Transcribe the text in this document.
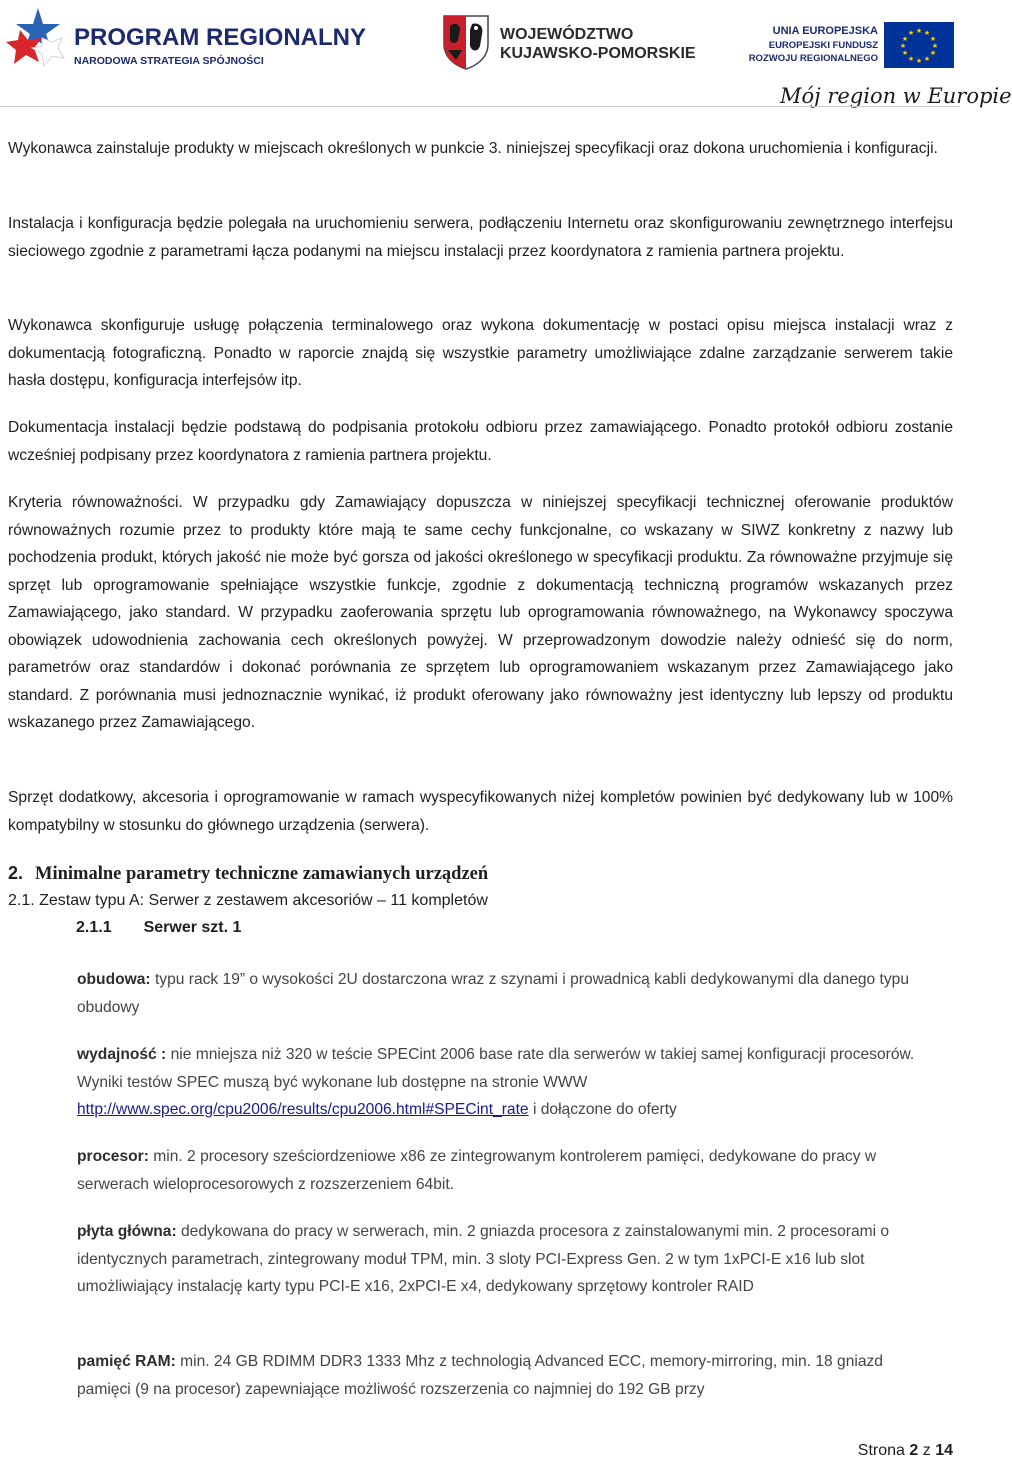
PROGRAM REGIONALNY
NARODOWA STRATEGIA SPÓJNOŚCI
WOJEWÓDZTWO
KUJAWSKO-POMORSKIE
UNIA EUROPEJSKA
EUROPEJSKI FUNDUSZ
ROZWOJU REGIONALNEGO
★ ★
★
★
★
★
★
★
★
★
★
★
Mój region w Europie

Wykonawca zainstaluje produkty w miejscach określonych w punkcie 3. niniejszej specyfikacji oraz dokona uruchomienia i konfiguracji.

Instalacja i konfiguracja będzie polegała na uruchomieniu serwera, podłączeniu Internetu oraz skonfigurowaniu zewnętrznego interfejsu sieciowego zgodnie z parametrami łącza podanymi na miejscu instalacji przez koordynatora z ramienia partnera projektu.

Wykonawca skonfiguruje usługę połączenia terminalowego oraz wykona dokumentację w postaci opisu miejsca instalacji wraz z dokumentacją fotograficzną. Ponadto w raporcie znajdą się wszystkie parametry umożliwiające zdalne zarządzanie serwerem takie hasła dostępu, konfiguracja interfejsów itp.

Dokumentacja instalacji będzie podstawą do podpisania protokołu odbioru przez zamawiającego. Ponadto protokół odbioru zostanie wcześniej podpisany przez koordynatora z ramienia partnera projektu.

Kryteria równoważności. W przypadku gdy Zamawiający dopuszcza w niniejszej specyfikacji technicznej oferowanie produktów równoważnych rozumie przez to produkty które mają te same cechy funkcjonalne, co wskazany w SIWZ konkretny z nazwy lub pochodzenia produkt, których jakość nie może być gorsza od jakości określonego w specyfikacji produktu. Za równoważne przyjmuje się sprzęt lub oprogramowanie spełniające wszystkie funkcje, zgodnie z dokumentacją techniczną programów wskazanych przez Zamawiającego, jako standard. W przypadku zaoferowania sprzętu lub oprogramowania równoważnego, na Wykonawcy spoczywa obowiązek udowodnienia zachowania cech określonych powyżej. W przeprowadzonym dowodzie należy odnieść się do norm, parametrów oraz standardów i dokonać porównania ze sprzętem lub oprogramowaniem wskazanym przez Zamawiającego jako standard. Z porównania musi jednoznacznie wynikać, iż produkt oferowany jako równoważny jest identyczny lub lepszy od produktu wskazanego przez Zamawiającego.

Sprzęt dodatkowy, akcesoria i oprogramowanie w ramach wyspecyfikowanych niżej kompletów powinien być dedykowany lub w 100% kompatybilny w stosunku do głównego urządzenia (serwera).

2. Minimalne parametry techniczne zamawianych urządzeń
2.1. Zestaw typu A: Serwer z zestawem akcesoriów – 11 kompletów
2.1.1 Serwer szt. 1

obudowa: typu rack 19” o wysokości 2U dostarczona wraz z szynami i prowadnicą kabli dedykowanymi dla danego typu obudowy

wydajność : nie mniejsza niż 320 w teście SPECint 2006 base rate dla serwerów w takiej samej konfiguracji procesorów. Wyniki testów SPEC muszą być wykonane lub dostępne na stronie WWW http://www.spec.org/cpu2006/results/cpu2006.html#SPECint_rate i dołączone do oferty

procesor: min. 2 procesory sześciordzeniowe x86 ze zintegrowanym kontrolerem pamięci, dedykowane do pracy w serwerach wieloprocesorowych z rozszerzeniem 64bit.

płyta główna: dedykowana do pracy w serwerach, min. 2 gniazda procesora z zainstalowanymi min. 2 procesorami o identycznych parametrach, zintegrowany moduł TPM, min. 3 sloty PCI-Express Gen. 2 w tym 1xPCI-E x16 lub slot umożliwiający instalację karty typu PCI-E x16, 2xPCI-E x4, dedykowany sprzętowy kontroler RAID

pamięć RAM: min. 24 GB RDIMM DDR3 1333 Mhz z technologią Advanced ECC, memory-mirroring, min. 18 gniazd pamięci (9 na procesor) zapewniające możliwość rozszerzenia co najmniej do 192 GB przy

Strona 2 z 14
